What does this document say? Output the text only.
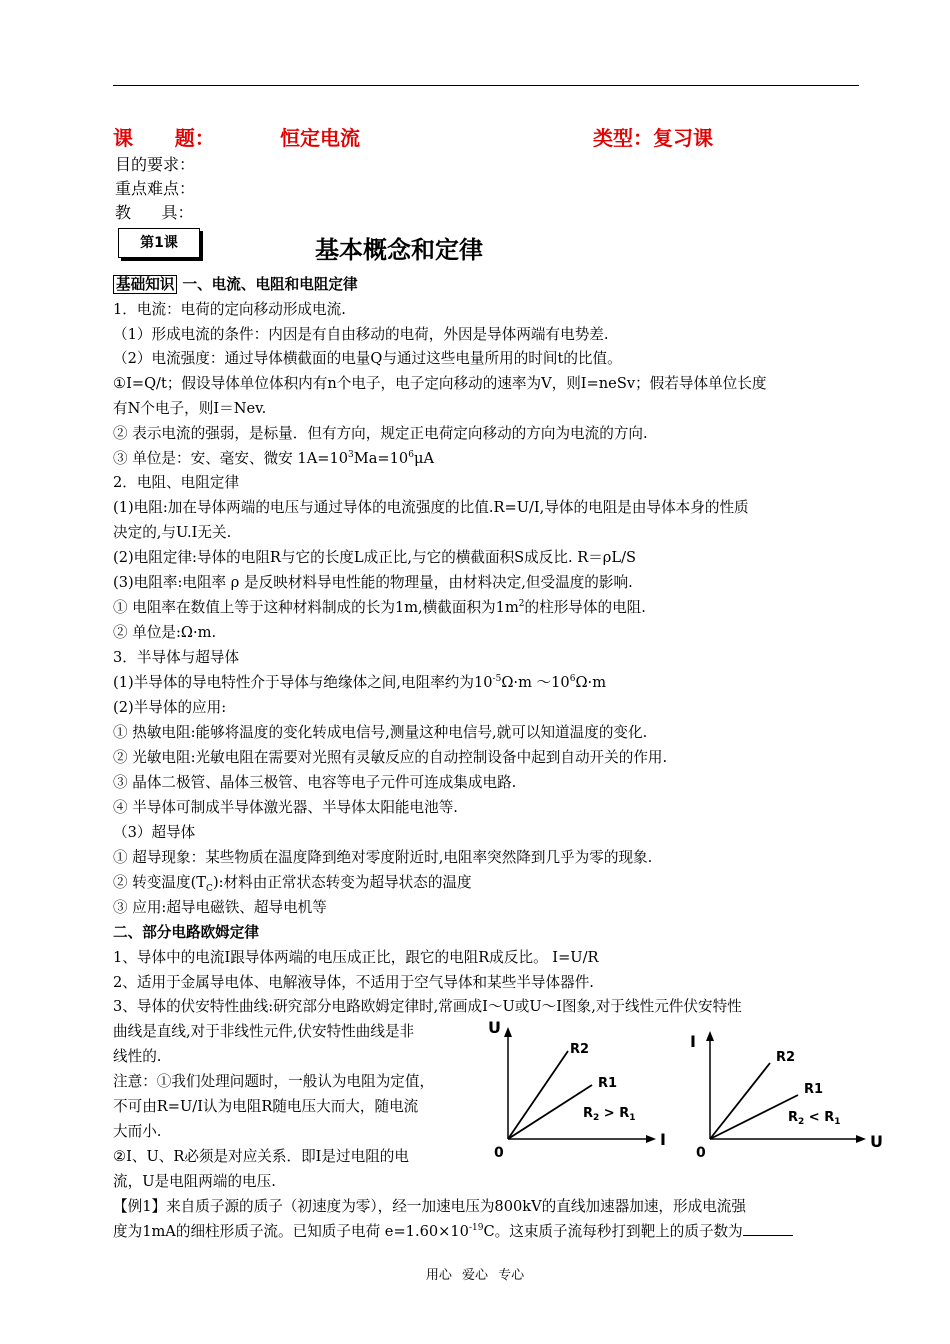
课      题：	恒定电流	类型：复习课
目的要求：
重点难点：
教      具：
第1课	基本概念和定律
基础知识 一、电流、电阻和电阻定律
1．电流：电荷的定向移动形成电流.
（1）形成电流的条件：内因是有自由移动的电荷，外因是导体两端有电势差.
（2）电流强度：通过导体横截面的电量Q与通过这些电量所用的时间t的比值。
①I=Q/t；假设导体单位体积内有n个电子，电子定向移动的速率为V，则I=neSv；假若导体单位长度
有N个电子，则I＝Nev.
② 表示电流的强弱，是标量．但有方向，规定正电荷定向移动的方向为电流的方向.
③ 单位是：安、毫安、微安 $1A=10^3Ma=10^6\mu A$
2．电阻、电阻定律
(1)电阻:加在导体两端的电压与通过导体的电流强度的比值.R=U/I,导体的电阻是由导体本身的性质
决定的,与U.I无关.
(2)电阻定律:导体的电阻R与它的长度L成正比,与它的横截面积S成反比. R＝ρL/S
(3)电阻率:电阻率 ρ 是反映材料导电性能的物理量，由材料决定,但受温度的影响.
① 电阻率在数值上等于这种材料制成的长为1m,横截面积为$1m^2$的柱形导体的电阻.
② 单位是:Ω·m.
3．半导体与超导体
(1)半导体的导电特性介于导体与绝缘体之间,电阻率约为$10^{-5}\Omega\cdot m$ $\sim 10^6\Omega\cdot m$
(2)半导体的应用:
① 热敏电阻:能够将温度的变化转成电信号,测量这种电信号,就可以知道温度的变化.
② 光敏电阻:光敏电阻在需要对光照有灵敏反应的自动控制设备中起到自动开关的作用.
③ 晶体二极管、晶体三极管、电容等电子元件可连成集成电路.
④ 半导体可制成半导体激光器、半导体太阳能电池等.
（3）超导体
① 超导现象：某些物质在温度降到绝对零度附近时,电阻率突然降到几乎为零的现象.
② 转变温度$(T_C)$:材料由正常状态转变为超导状态的温度
③ 应用:超导电磁铁、超导电机等
二、部分电路欧姆定律
1、导体中的电流I跟导体两端的电压成正比，跟它的电阻R成反比。 I=U/R
2、适用于金属导电体、电解液导体，不适用于空气导体和某些半导体器件.
3、导体的伏安特性曲线:研究部分电路欧姆定律时,常画成I～U或U～I图象,对于线性元件伏安特性
曲线是直线,对于非线性元件,伏安特性曲线是非
线性的.
注意：①我们处理问题时，一般认为电阻为定值，
不可由R=U/I认为电阻R随电压大而大，随电流
大而小.
②I、U、R必须是对应关系．即I是过电阻的电
流，U是电阻两端的电压.
【例1】来自质子源的质子（初速度为零），经一加速电压为800kV的直线加速器加速，形成电流强
度为1mA的细柱形质子流。已知质子电荷 $e=1.60\times 10^{-19}C$。这束质子流每秒打到靶上的质子数为
U
I
0
R2
R1
$R_2 > R_1$
I
U
0
R2
R1
$R_2 < R_1$
用心 爱心 专心
